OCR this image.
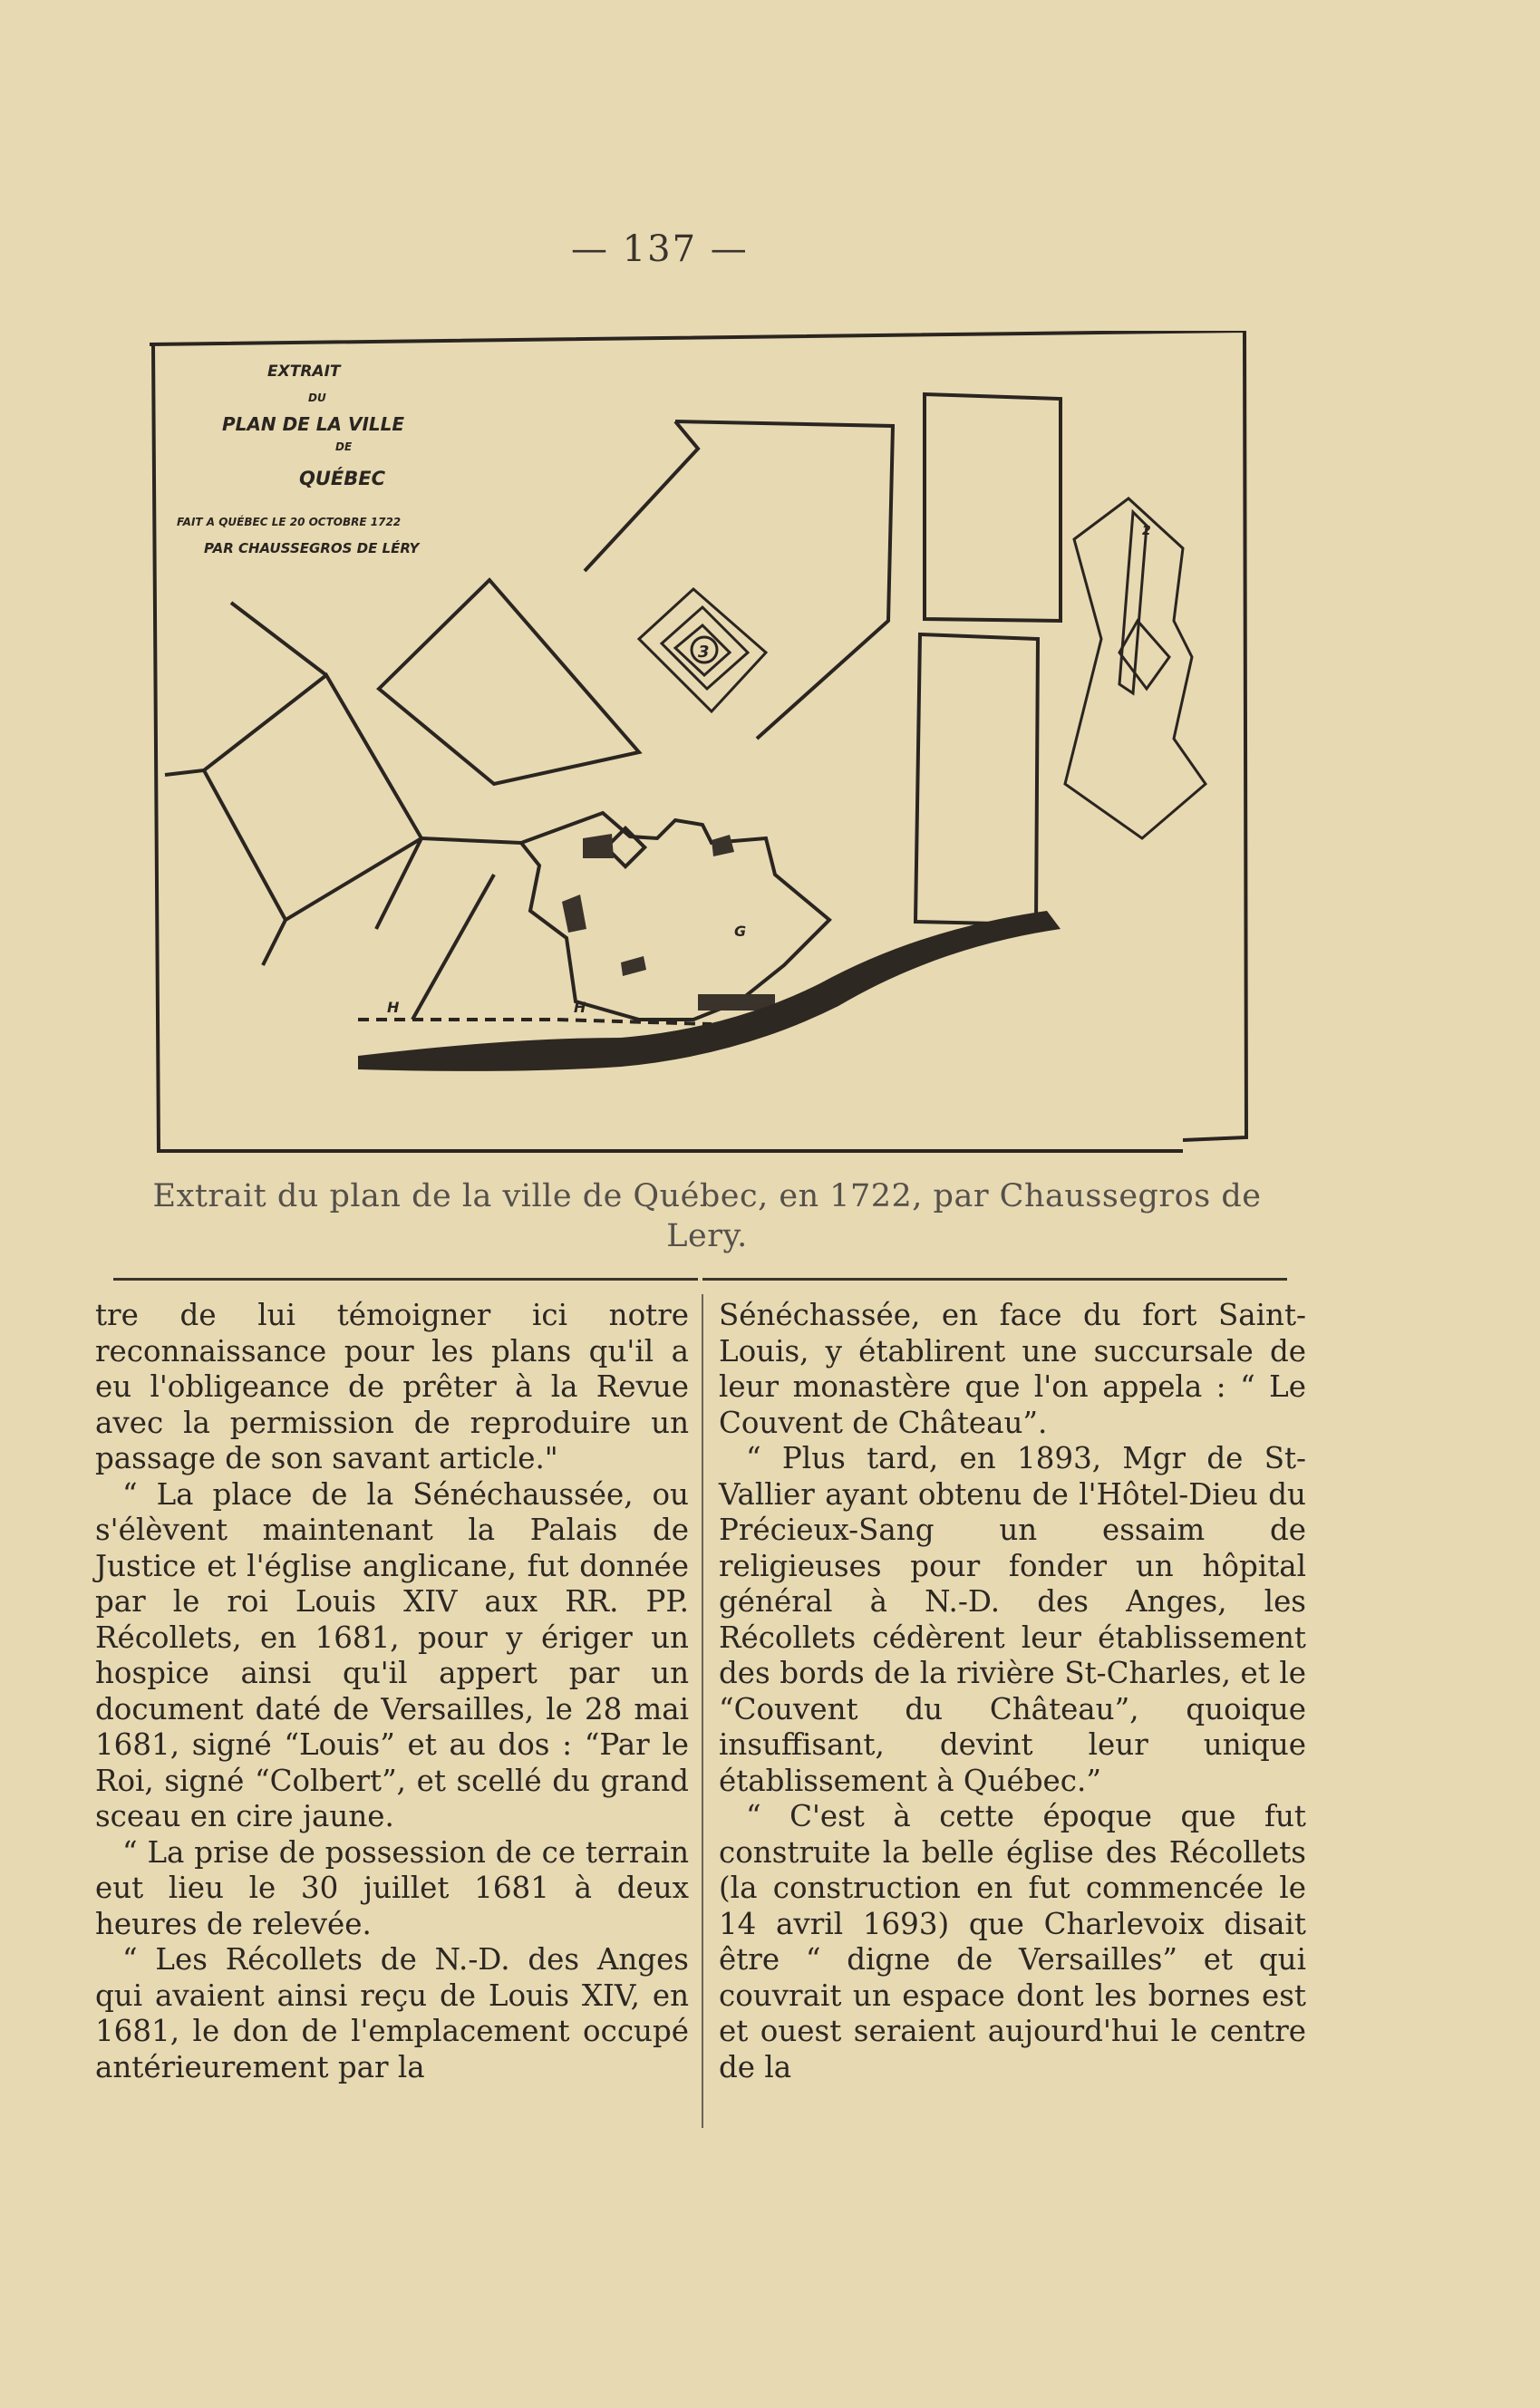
— 137 —
EXTRAIT
DU
PLAN DE LA VILLE
DE
QUÉBEC
FAIT A QUÉBEC LE 20 OCTOBRE 1722
PAR CHAUSSEGROS DE LÉRY
3
2
G
H	H
Extrait du plan de la ville de Québec, en 1722, par Chaussegros de Lery.

tre de lui témoigner ici notre reconnaissance pour les plans qu'il a eu l'obligeance de prêter à la Revue avec la permission de reproduire un passage de son savant article."

“ La place de la Sénéchaussée, ou s'élèvent maintenant la Palais de Justice et l'église anglicane, fut donnée par le roi Louis XIV aux RR. PP. Récollets, en 1681, pour y ériger un hospice ainsi qu'il appert par un document daté de Versailles, le 28 mai 1681, signé “Louis” et au dos : “Par le Roi, signé “Colbert”, et scellé du grand sceau en cire jaune.

“ La prise de possession de ce terrain eut lieu le 30 juillet 1681 à deux heures de relevée.

“ Les Récollets de N.-D. des Anges qui avaient ainsi reçu de Louis XIV, en 1681, le don de l'emplacement occupé antérieurement par la

Sénéchassée, en face du fort Saint-Louis, y établirent une succursale de leur monastère que l'on appela : “ Le Couvent de Château”.

“ Plus tard, en 1893, Mgr de St-Vallier ayant obtenu de l'Hôtel-Dieu du Précieux-Sang un essaim de religieuses pour fonder un hôpital général à N.-D. des Anges, les Récollets cédèrent leur établissement des bords de la rivière St-Charles, et le “Couvent du Château”, quoique insuffisant, devint leur unique établissement à Québec.”

“ C'est à cette époque que fut construite la belle église des Récollets (la construction en fut commencée le 14 avril 1693) que Charlevoix disait être “ digne de Versailles” et qui couvrait un espace dont les bornes est et ouest seraient aujourd'hui le centre de la
